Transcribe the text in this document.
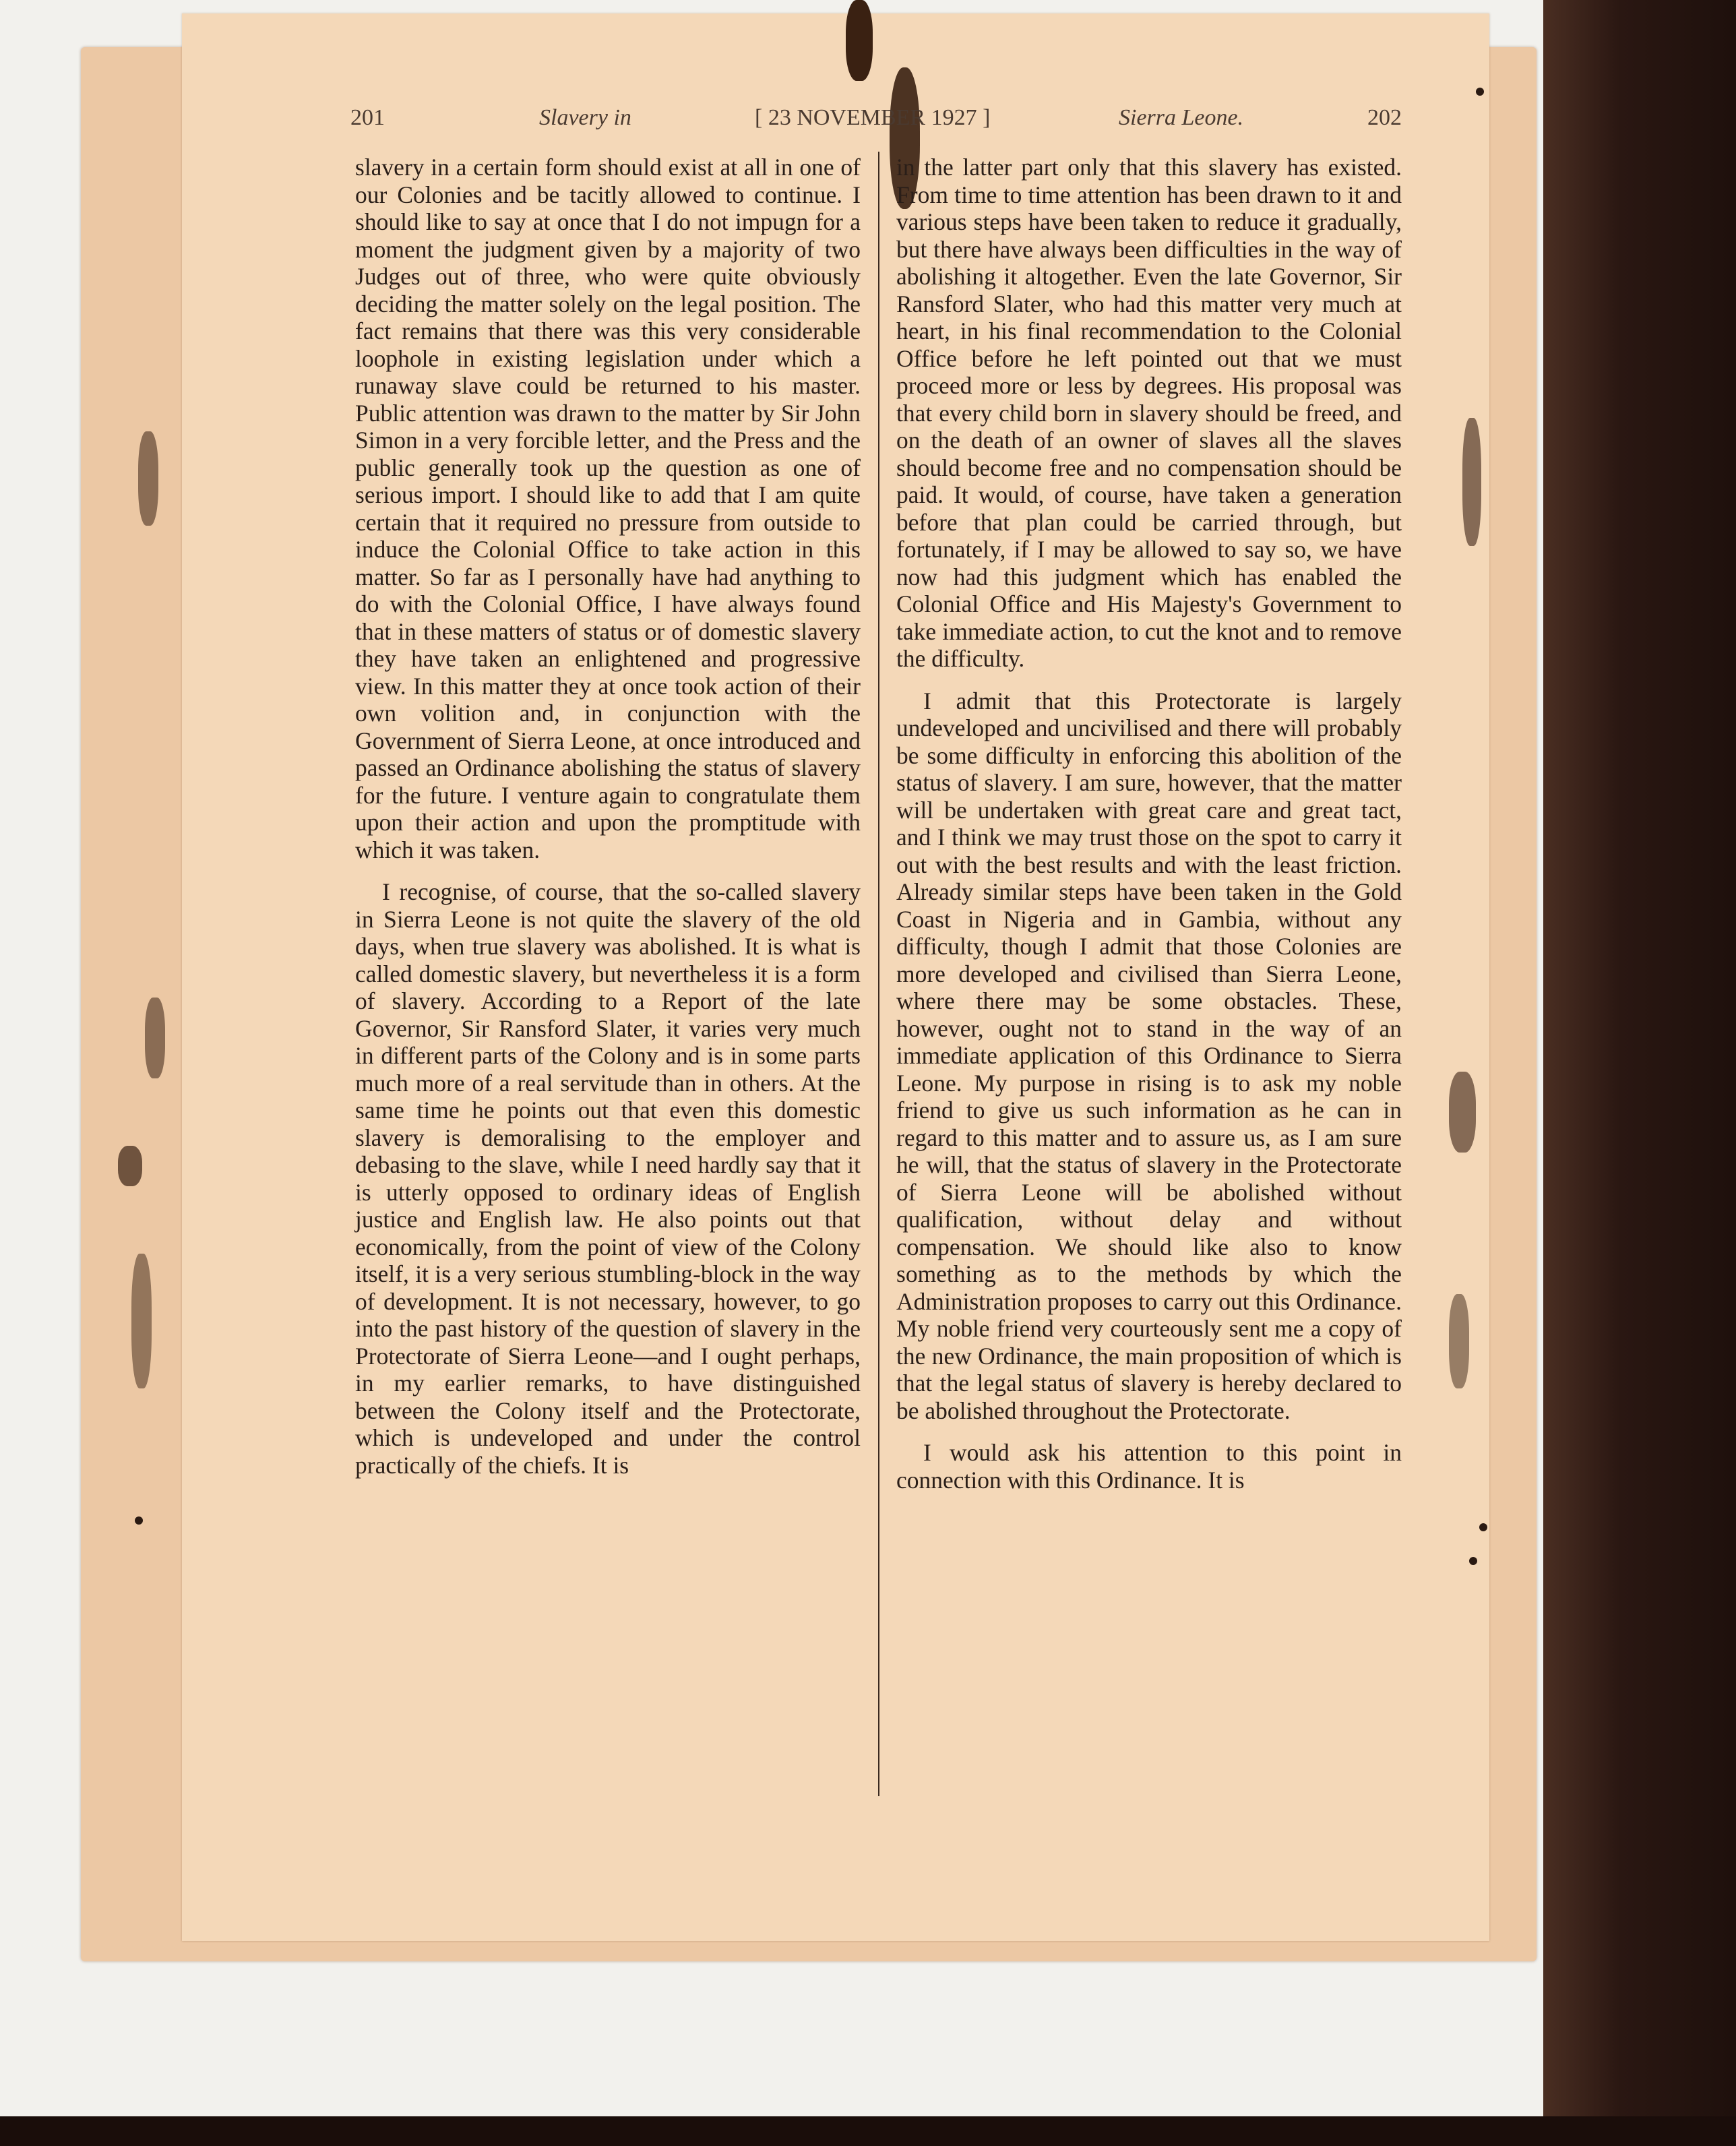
201	Slavery in	[ 23 NOVEMBER 1927 ]	Sierra Leone.	202

slavery in a certain form should exist at all in one of our Colonies and be tacitly allowed to continue. I should like to say at once that I do not impugn for a moment the judgment given by a majority of two Judges out of three, who were quite obviously deciding the matter solely on the legal position. The fact remains that there was this very considerable loophole in existing legislation under which a runaway slave could be returned to his master. Public attention was drawn to the matter by Sir John Simon in a very forcible letter, and the Press and the public generally took up the question as one of serious import. I should like to add that I am quite certain that it required no pressure from outside to induce the Colonial Office to take action in this matter. So far as I personally have had anything to do with the Colonial Office, I have always found that in these matters of status or of domestic slavery they have taken an enlightened and progressive view. In this matter they at once took action of their own volition and, in conjunction with the Government of Sierra Leone, at once introduced and passed an Ordinance abolishing the status of slavery for the future. I venture again to congratulate them upon their action and upon the promptitude with which it was taken.

I recognise, of course, that the so-called slavery in Sierra Leone is not quite the slavery of the old days, when true slavery was abolished. It is what is called domestic slavery, but nevertheless it is a form of slavery. According to a Report of the late Governor, Sir Ransford Slater, it varies very much in different parts of the Colony and is in some parts much more of a real servitude than in others. At the same time he points out that even this domestic slavery is demoralising to the employer and debasing to the slave, while I need hardly say that it is utterly opposed to ordinary ideas of English justice and English law. He also points out that economically, from the point of view of the Colony itself, it is a very serious stumbling-block in the way of development. It is not necessary, however, to go into the past history of the question of slavery in the Protectorate of Sierra Leone—and I ought perhaps, in my earlier remarks, to have distinguished between the Colony itself and the Protectorate, which is undeveloped and under the control practically of the chiefs. It is

in the latter part only that this slavery has existed. From time to time attention has been drawn to it and various steps have been taken to reduce it gradually, but there have always been difficulties in the way of abolishing it altogether. Even the late Governor, Sir Ransford Slater, who had this matter very much at heart, in his final recommendation to the Colonial Office before he left pointed out that we must proceed more or less by degrees. His proposal was that every child born in slavery should be freed, and on the death of an owner of slaves all the slaves should become free and no compensation should be paid. It would, of course, have taken a generation before that plan could be carried through, but fortunately, if I may be allowed to say so, we have now had this judgment which has enabled the Colonial Office and His Majesty's Government to take immediate action, to cut the knot and to remove the difficulty.

I admit that this Protectorate is largely undeveloped and uncivilised and there will probably be some difficulty in enforcing this abolition of the status of slavery. I am sure, however, that the matter will be undertaken with great care and great tact, and I think we may trust those on the spot to carry it out with the best results and with the least friction. Already similar steps have been taken in the Gold Coast in Nigeria and in Gambia, without any difficulty, though I admit that those Colonies are more developed and civilised than Sierra Leone, where there may be some obstacles. These, however, ought not to stand in the way of an immediate application of this Ordinance to Sierra Leone. My purpose in rising is to ask my noble friend to give us such information as he can in regard to this matter and to assure us, as I am sure he will, that the status of slavery in the Protectorate of Sierra Leone will be abolished without qualification, without delay and without compensation. We should like also to know something as to the methods by which the Administration proposes to carry out this Ordinance. My noble friend very courteously sent me a copy of the new Ordinance, the main proposition of which is that the legal status of slavery is hereby declared to be abolished throughout the Protectorate.

I would ask his attention to this point in connection with this Ordinance. It is
